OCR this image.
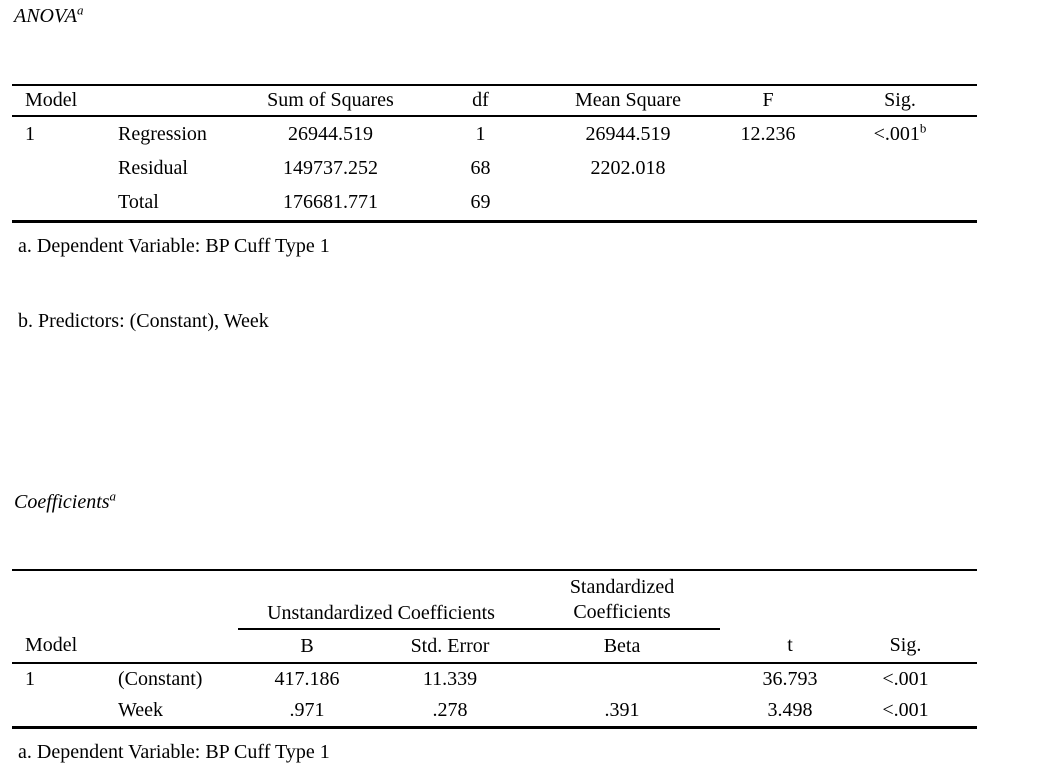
ANOVA$^a$
Model		Sum of Squares	df	Mean Square	F	Sig.
1	Regression	26944.519	1	26944.519	12.236	<.001$^b$
	Residual	149737.252	68	2202.018		
	Total	176681.771	69			
a. Dependent Variable: BP Cuff Type 1
b. Predictors: (Constant), Week
Coefficients$^a$
		Unstandardized Coefficients		Standardized Coefficients		
Model		B	Std. Error	Beta	t	Sig.
1	(Constant)	417.186	11.339		36.793	<.001
	Week	.971	.278	.391	3.498	<.001
a. Dependent Variable: BP Cuff Type 1
